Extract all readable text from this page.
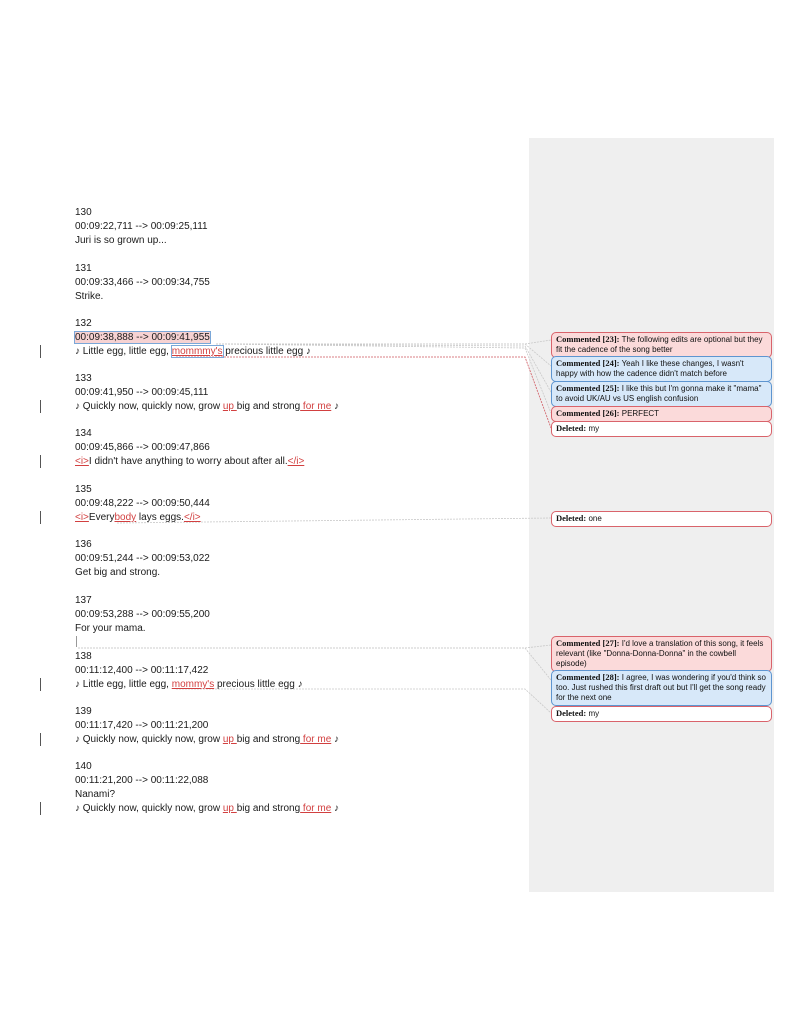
130
00:09:22,711 --> 00:09:25,111
Juri is so grown up...
131
00:09:33,466 --> 00:09:34,755
Strike.
132
00:09:38,888 --> 00:09:41,955
♪ Little egg, little egg, mommmy's precious little egg ♪
133
00:09:41,950 --> 00:09:45,111
♪ Quickly now, quickly now, grow up big and strong for me ♪
134
00:09:45,866 --> 00:09:47,866
<i>I didn't have anything to worry about after all.</i>
135
00:09:48,222 --> 00:09:50,444
<i>Everybody lays eggs.</i>
136
00:09:51,244 --> 00:09:53,022
Get big and strong.
137
00:09:53,288 --> 00:09:55,200
For your mama.
138
00:11:12,400 --> 00:11:17,422
♪ Little egg, little egg, mommy's precious little egg ♪
139
00:11:17,420 --> 00:11:21,200
♪ Quickly now, quickly now, grow up big and strong for me ♪
140
00:11:21,200 --> 00:11:22,088
Nanami?
♪ Quickly now, quickly now, grow up big and strong for me ♪
Commented [23]: The following edits are optional but they fit the cadence of the song better
Commented [24]: Yeah I like these changes, I wasn't happy with how the cadence didn't match before
Commented [25]: I like this but I'm gonna make it "mama" to avoid UK/AU vs US english confusion
Commented [26]: PERFECT
Deleted: my
Deleted: one
Commented [27]: I'd love a translation of this song, it feels relevant (like "Donna-Donna-Donna" in the cowbell episode)
Commented [28]: I agree, I was wondering if you'd think so too. Just rushed this first draft out but I'll get the song ready for the next one
Deleted: my
